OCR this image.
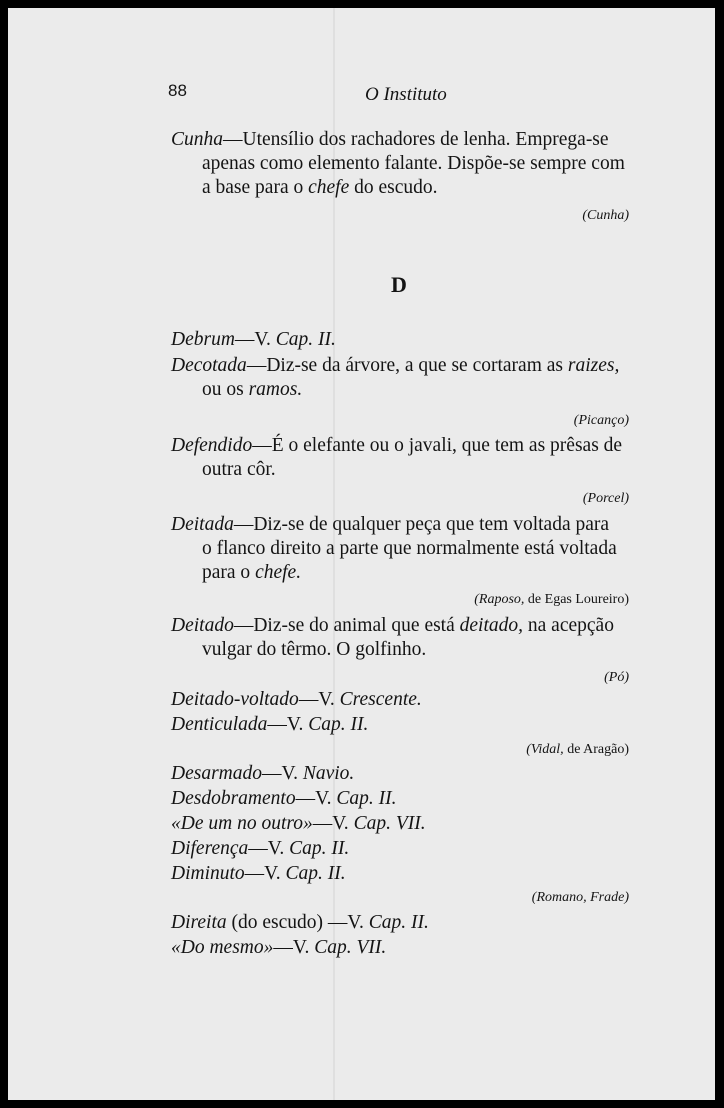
88	O Instituto

Cunha—Utensílio dos rachadores de lenha. Emprega-se
apenas como elemento falante. Dispõe-se sempre com
a base para o chefe do escudo.

(Cunha)

D

Debrum—V. Cap. II.
Decotada—Diz-se da árvore, a que se cortaram as raizes,
ou os ramos.

(Picanço)

Defendido—É o elefante ou o javali, que tem as prêsas de
outra côr.

(Porcel)

Deitada—Diz-se de qualquer peça que tem voltada para
o flanco direito a parte que normalmente está voltada
para o chefe.

(Raposo, de Egas Loureiro)

Deitado—Diz-se do animal que está deitado, na acepção
vulgar do têrmo. O golfinho.

(Pó)

Deitado-voltado—V. Crescente.
Denticulada—V. Cap. II.

(Vidal, de Aragão)

Desarmado—V. Navio.
Desdobramento—V. Cap. II.
«De um no outro»—V. Cap. VII.
Diferença—V. Cap. II.
Diminuto—V. Cap. II.

(Romano, Frade)

Direita (do escudo) —V. Cap. II.
«Do mesmo»—V. Cap. VII.
